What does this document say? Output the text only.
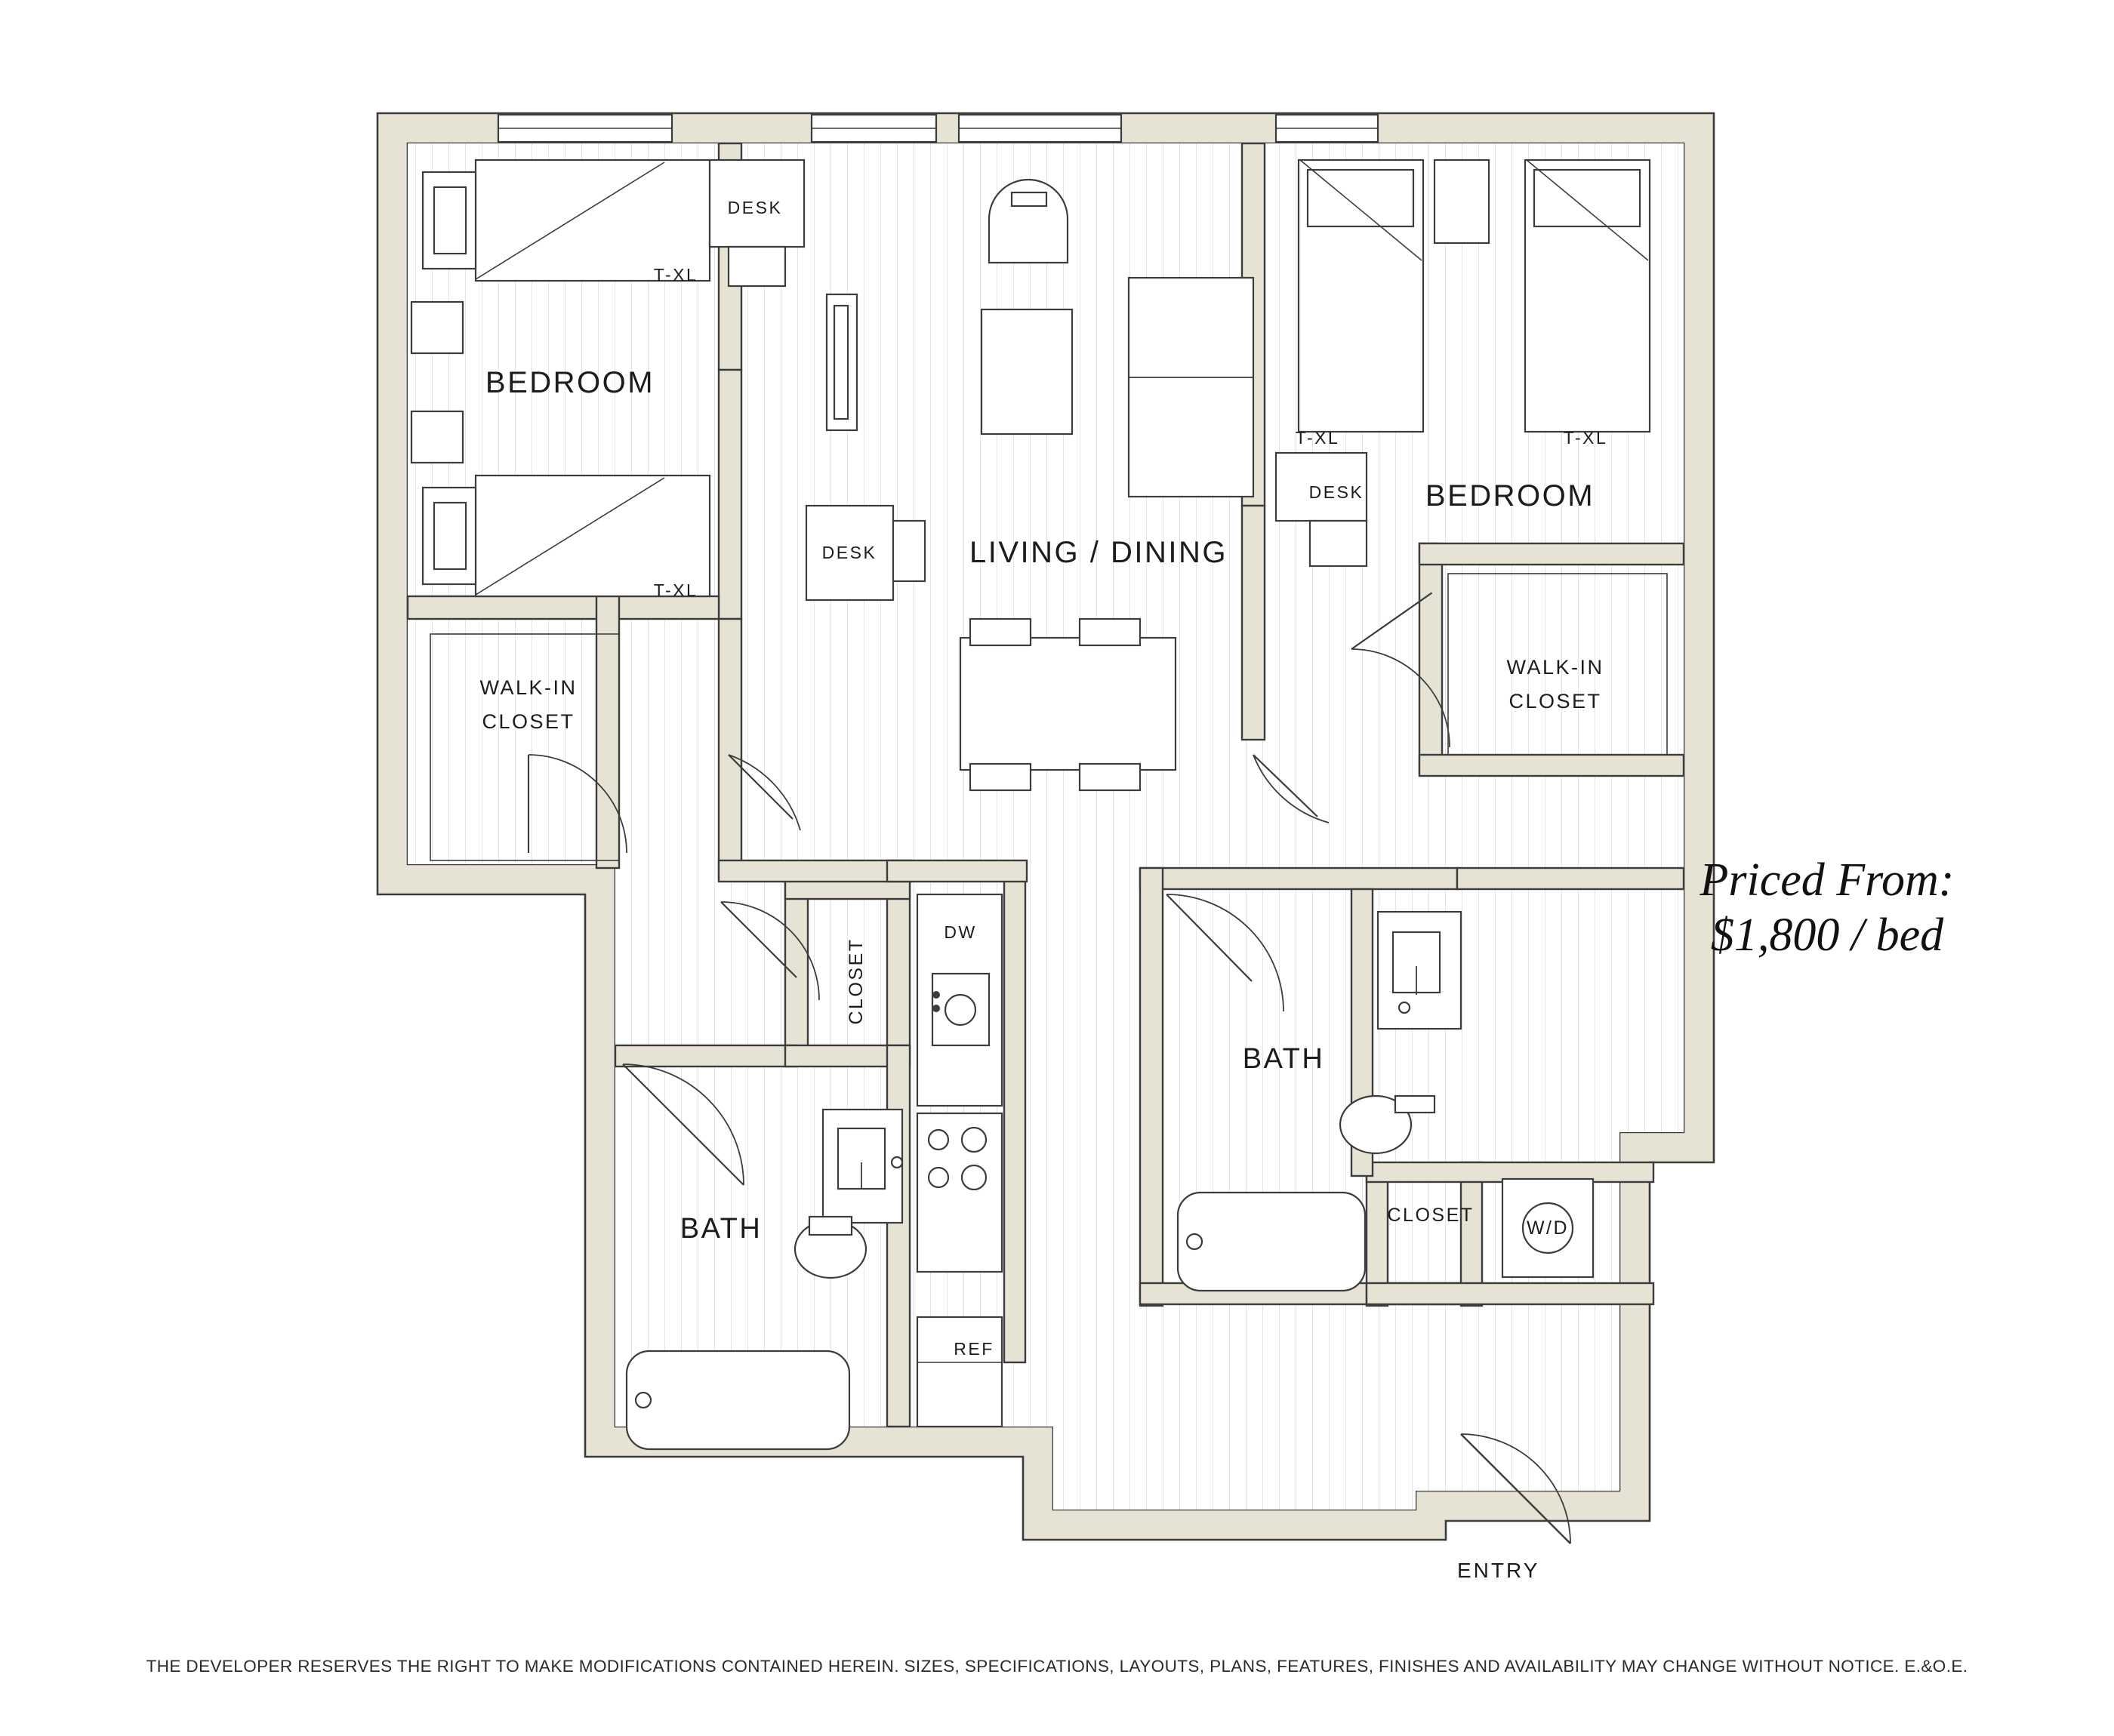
BEDROOM
T-XL
T-XL
DESK
WALK-IN
CLOSET
BEDROOM
T-XL	T-XL
DESK
WALK-IN
CLOSET
LIVING / DINING
DESK
DW
REF
CLOSET
BATH
BATH
CLOSET
W/D
Priced From:
$1,800 / bed
ENTRY
THE DEVELOPER RESERVES THE RIGHT TO MAKE MODIFICATIONS CONTAINED HEREIN. SIZES, SPECIFICATIONS, LAYOUTS, PLANS, FEATURES, FINISHES AND AVAILABILITY MAY CHANGE WITHOUT NOTICE. E.&O.E.
